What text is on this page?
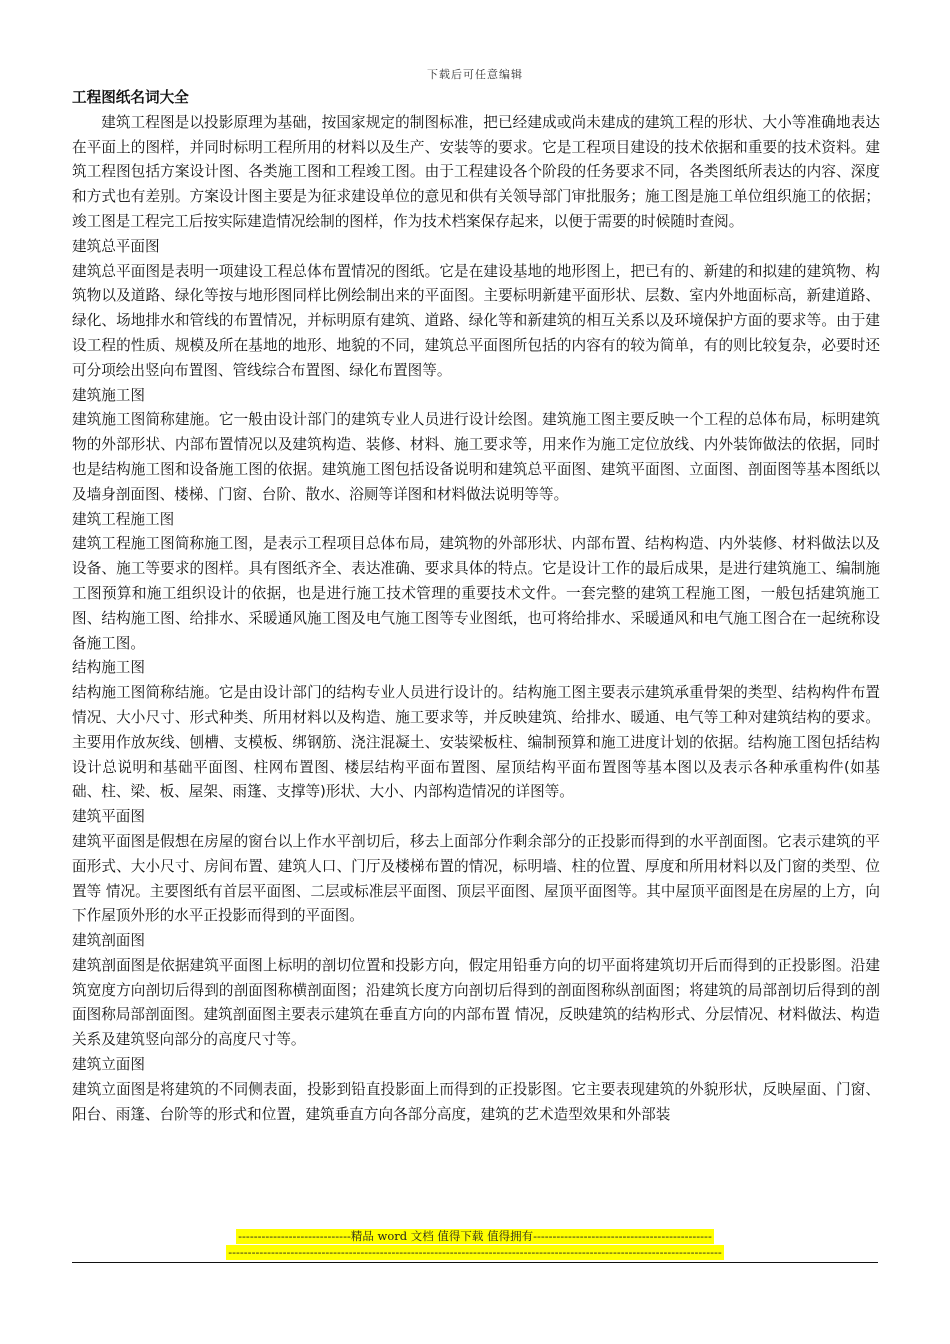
下载后可任意编辑

工程图纸名词大全

建筑工程图是以投影原理为基础，按国家规定的制图标准，把已经建成或尚未建成的建筑工程的形状、大小等准确地表达在平面上的图样，并同时标明工程所用的材料以及生产、安装等的要求。它是工程项目建设的技术依据和重要的技术资料。建筑工程图包括方案设计图、各类施工图和工程竣工图。由于工程建设各个阶段的任务要求不同，各类图纸所表达的内容、深度和方式也有差别。方案设计图主要是为征求建设单位的意见和供有关领导部门审批服务；施工图是施工单位组织施工的依据；竣工图是工程完工后按实际建造情况绘制的图样，作为技术档案保存起来，以便于需要的时候随时查阅。

建筑总平面图

建筑总平面图是表明一项建设工程总体布置情况的图纸。它是在建设基地的地形图上，把已有的、新建的和拟建的建筑物、构筑物以及道路、绿化等按与地形图同样比例绘制出来的平面图。主要标明新建平面形状、层数、室内外地面标高，新建道路、绿化、场地排水和管线的布置情况，并标明原有建筑、道路、绿化等和新建筑的相互关系以及环境保护方面的要求等。由于建设工程的性质、规模及所在基地的地形、地貌的不同，建筑总平面图所包括的内容有的较为简单，有的则比较复杂，必要时还可分项绘出竖向布置图、管线综合布置图、绿化布置图等。

建筑施工图

建筑施工图简称建施。它一般由设计部门的建筑专业人员进行设计绘图。建筑施工图主要反映一个工程的总体布局，标明建筑物的外部形状、内部布置情况以及建筑构造、装修、材料、施工要求等，用来作为施工定位放线、内外装饰做法的依据，同时也是结构施工图和设备施工图的依据。建筑施工图包括设备说明和建筑总平面图、建筑平面图、立面图、剖面图等基本图纸以及墙身剖面图、楼梯、门窗、台阶、散水、浴厕等详图和材料做法说明等等。

建筑工程施工图

建筑工程施工图简称施工图，是表示工程项目总体布局，建筑物的外部形状、内部布置、结构构造、内外装修、材料做法以及设备、施工等要求的图样。具有图纸齐全、表达准确、要求具体的特点。它是设计工作的最后成果，是进行建筑施工、编制施工图预算和施工组织设计的依据，也是进行施工技术管理的重要技术文件。一套完整的建筑工程施工图，一般包括建筑施工图、结构施工图、给排水、采暖通风施工图及电气施工图等专业图纸，也可将给排水、采暖通风和电气施工图合在一起统称设备施工图。

结构施工图

结构施工图简称结施。它是由设计部门的结构专业人员进行设计的。结构施工图主要表示建筑承重骨架的类型、结构构件布置情况、大小尺寸、形式种类、所用材料以及构造、施工要求等，并反映建筑、给排水、暖通、电气等工种对建筑结构的要求。主要用作放灰线、刨槽、支模板、绑钢筋、浇注混凝土、安装梁板柱、编制预算和施工进度计划的依据。结构施工图包括结构设计总说明和基础平面图、柱网布置图、楼层结构平面布置图、屋顶结构平面布置图等基本图以及表示各种承重构件(如基础、柱、梁、板、屋架、雨篷、支撑等)形状、大小、内部构造情况的详图等。

建筑平面图

建筑平面图是假想在房屋的窗台以上作水平剖切后，移去上面部分作剩余部分的正投影而得到的水平剖面图。它表示建筑的平面形式、大小尺寸、房间布置、建筑人口、门厅及楼梯布置的情况，标明墙、柱的位置、厚度和所用材料以及门窗的类型、位置等 情况。主要图纸有首层平面图、二层或标准层平面图、顶层平面图、屋顶平面图等。其中屋顶平面图是在房屋的上方，向下作屋顶外形的水平正投影而得到的平面图。

建筑剖面图

建筑剖面图是依据建筑平面图上标明的剖切位置和投影方向，假定用铅垂方向的切平面将建筑切开后而得到的正投影图。沿建筑宽度方向剖切后得到的剖面图称横剖面图；沿建筑长度方向剖切后得到的剖面图称纵剖面图；将建筑的局部剖切后得到的剖面图称局部剖面图。建筑剖面图主要表示建筑在垂直方向的内部布置 情况，反映建筑的结构形式、分层情况、材料做法、构造关系及建筑竖向部分的高度尺寸等。

建筑立面图

建筑立面图是将建筑的不同侧表面，投影到铅直投影面上而得到的正投影图。它主要表现建筑的外貌形状，反映屋面、门窗、阳台、雨篷、台阶等的形式和位置，建筑垂直方向各部分高度，建筑的艺术造型效果和外部装

-----------------------------精品 word 文档 值得下载 值得拥有----------------------------------------------
-------------------------------------------------------------------------------------------------------------------------------
